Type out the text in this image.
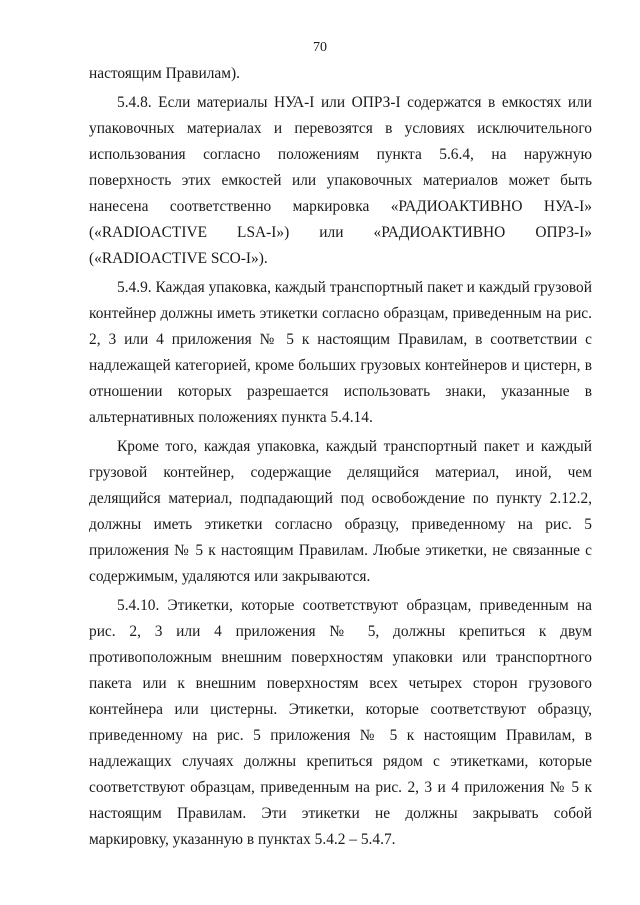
70

настоящим Правилам).

5.4.8. Если материалы НУА-I или ОПРЗ-I содержатся в емкостях или упаковочных материалах и перевозятся в условиях исключительного использования согласно положениям пункта 5.6.4, на наружную поверхность этих емкостей или упаковочных материалов может быть нанесена соответственно маркировка «РАДИОАКТИВНО НУА-I» («RADIOACTIVE LSA-I») или «РАДИОАКТИВНО ОПРЗ-I» («RADIOACTIVE SCO-I»).

5.4.9. Каждая упаковка, каждый транспортный пакет и каждый грузовой контейнер должны иметь этикетки согласно образцам, приведенным на рис. 2, 3 или 4 приложения № 5 к настоящим Правилам, в соответствии с надлежащей категорией, кроме больших грузовых контейнеров и цистерн, в отношении которых разрешается использовать знаки, указанные в альтернативных положениях пункта 5.4.14.

Кроме того, каждая упаковка, каждый транспортный пакет и каждый грузовой контейнер, содержащие делящийся материал, иной, чем делящийся материал, подпадающий под освобождение по пункту 2.12.2, должны иметь этикетки согласно образцу, приведенному на рис. 5 приложения № 5 к настоящим Правилам. Любые этикетки, не связанные с содержимым, удаляются или закрываются.

5.4.10. Этикетки, которые соответствуют образцам, приведенным на рис. 2, 3 или 4 приложения № 5, должны крепиться к двум противоположным внешним поверхностям упаковки или транспортного пакета или к внешним поверхностям всех четырех сторон грузового контейнера или цистерны. Этикетки, которые соответствуют образцу, приведенному на рис. 5 приложения № 5 к настоящим Правилам, в надлежащих случаях должны крепиться рядом с этикетками, которые соответствуют образцам, приведенным на рис. 2, 3 и 4 приложения № 5 к настоящим Правилам. Эти этикетки не должны закрывать собой маркировку, указанную в пунктах 5.4.2 – 5.4.7.
